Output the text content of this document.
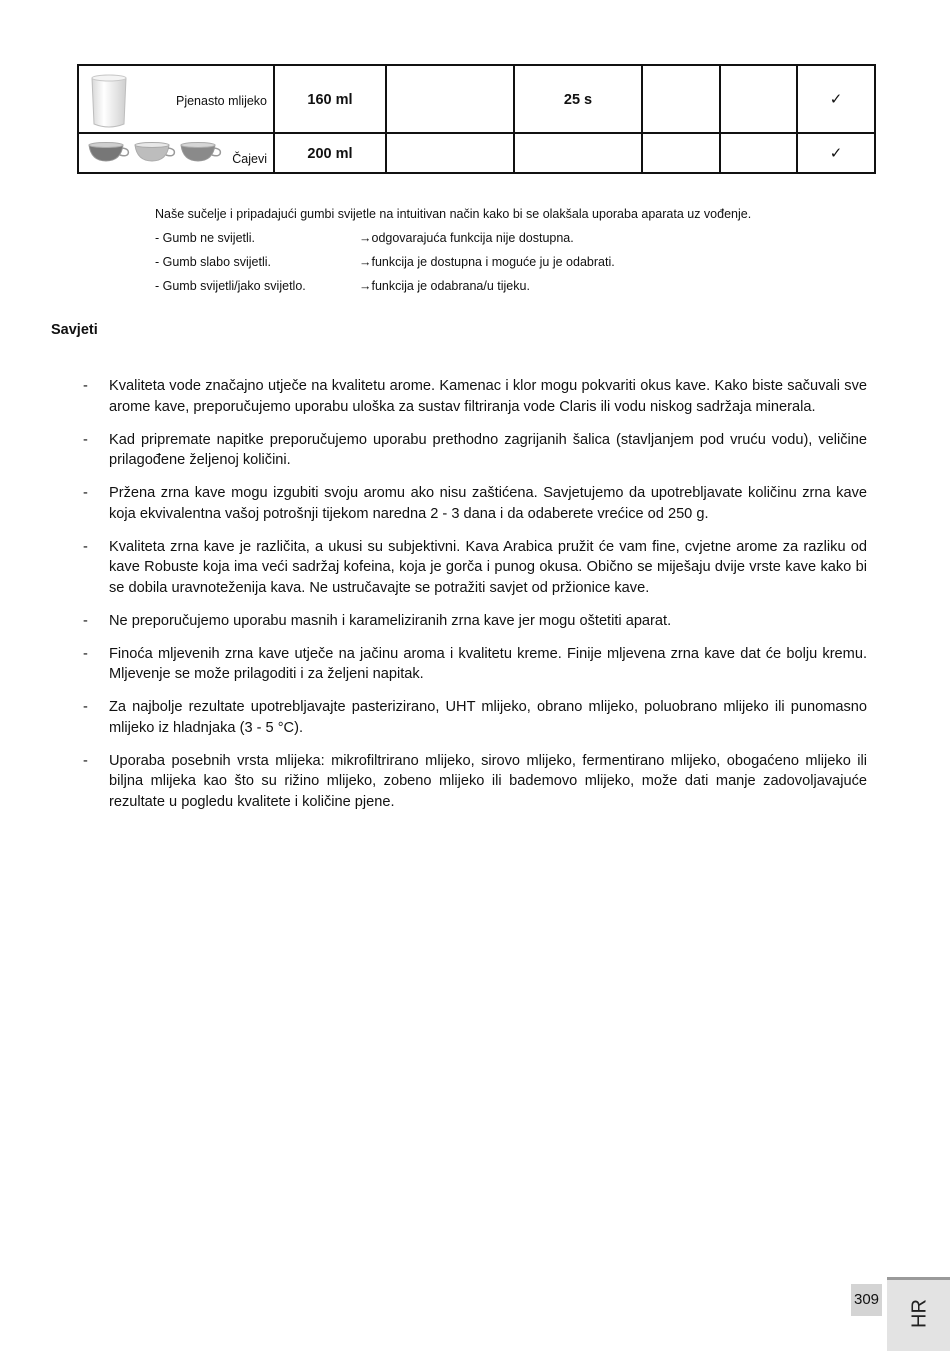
Pjenasto mlijeko	160 ml		25 s			✓

Čajevi	200 ml					✓

Naše sučelje i pripadajući gumbi svijetle na intuitivan način kako bi se olakšala uporaba aparata uz vođenje.

- Gumb ne svijetli.	→odgovarajuća funkcija nije dostupna.
- Gumb slabo svijetli.	→funkcija je dostupna i moguće ju je odabrati.
- Gumb svijetli/jako svijetlo.	→funkcija je odabrana/u tijeku.
Savjeti
- Kvaliteta vode značajno utječe na kvalitetu arome. Kamenac i klor mogu pokvariti okus kave. Kako biste sačuvali sve arome kave, preporučujemo uporabu uloška za sustav filtriranja vode Claris ili vodu niskog sadržaja minerala.
- Kad pripremate napitke preporučujemo uporabu prethodno zagrijanih šalica (stavljanjem pod vruću vodu), veličine prilagođene željenoj količini.
- Pržena zrna kave mogu izgubiti svoju aromu ako nisu zaštićena. Savjetujemo da upotrebljavate količinu zrna kave koja ekvivalentna vašoj potrošnji tijekom naredna 2 - 3 dana i da odaberete vrećice od 250 g.
- Kvaliteta zrna kave je različita, a ukusi su subjektivni. Kava Arabica pružit će vam fine, cvjetne arome za razliku od kave Robuste koja ima veći sadržaj kofeina, koja je gorča i punog okusa. Obično se miješaju dvije vrste kave kako bi se dobila uravnoteženija kava. Ne ustručavajte se potražiti savjet od pržionice kave.
- Ne preporučujemo uporabu masnih i karameliziranih zrna kave jer mogu oštetiti aparat.
- Finoća mljevenih zrna kave utječe na jačinu aroma i kvalitetu kreme. Finije mljevena zrna kave dat će bolju kremu. Mljevenje se može prilagoditi i za željeni napitak.
- Za najbolje rezultate upotrebljavajte pasterizirano, UHT mlijeko, obrano mlijeko, poluobrano mlijeko ili punomasno mlijeko iz hladnjaka (3 - 5 °C).
- Uporaba posebnih vrsta mlijeka: mikrofiltrirano mlijeko, sirovo mlijeko, fermentirano mlijeko, obogaćeno mlijeko ili biljna mlijeka kao što su rižino mlijeko, zobeno mlijeko ili bademovo mlijeko, može dati manje zadovoljavajuće rezultate u pogledu kvalitete i količine pjene.
309 HR
